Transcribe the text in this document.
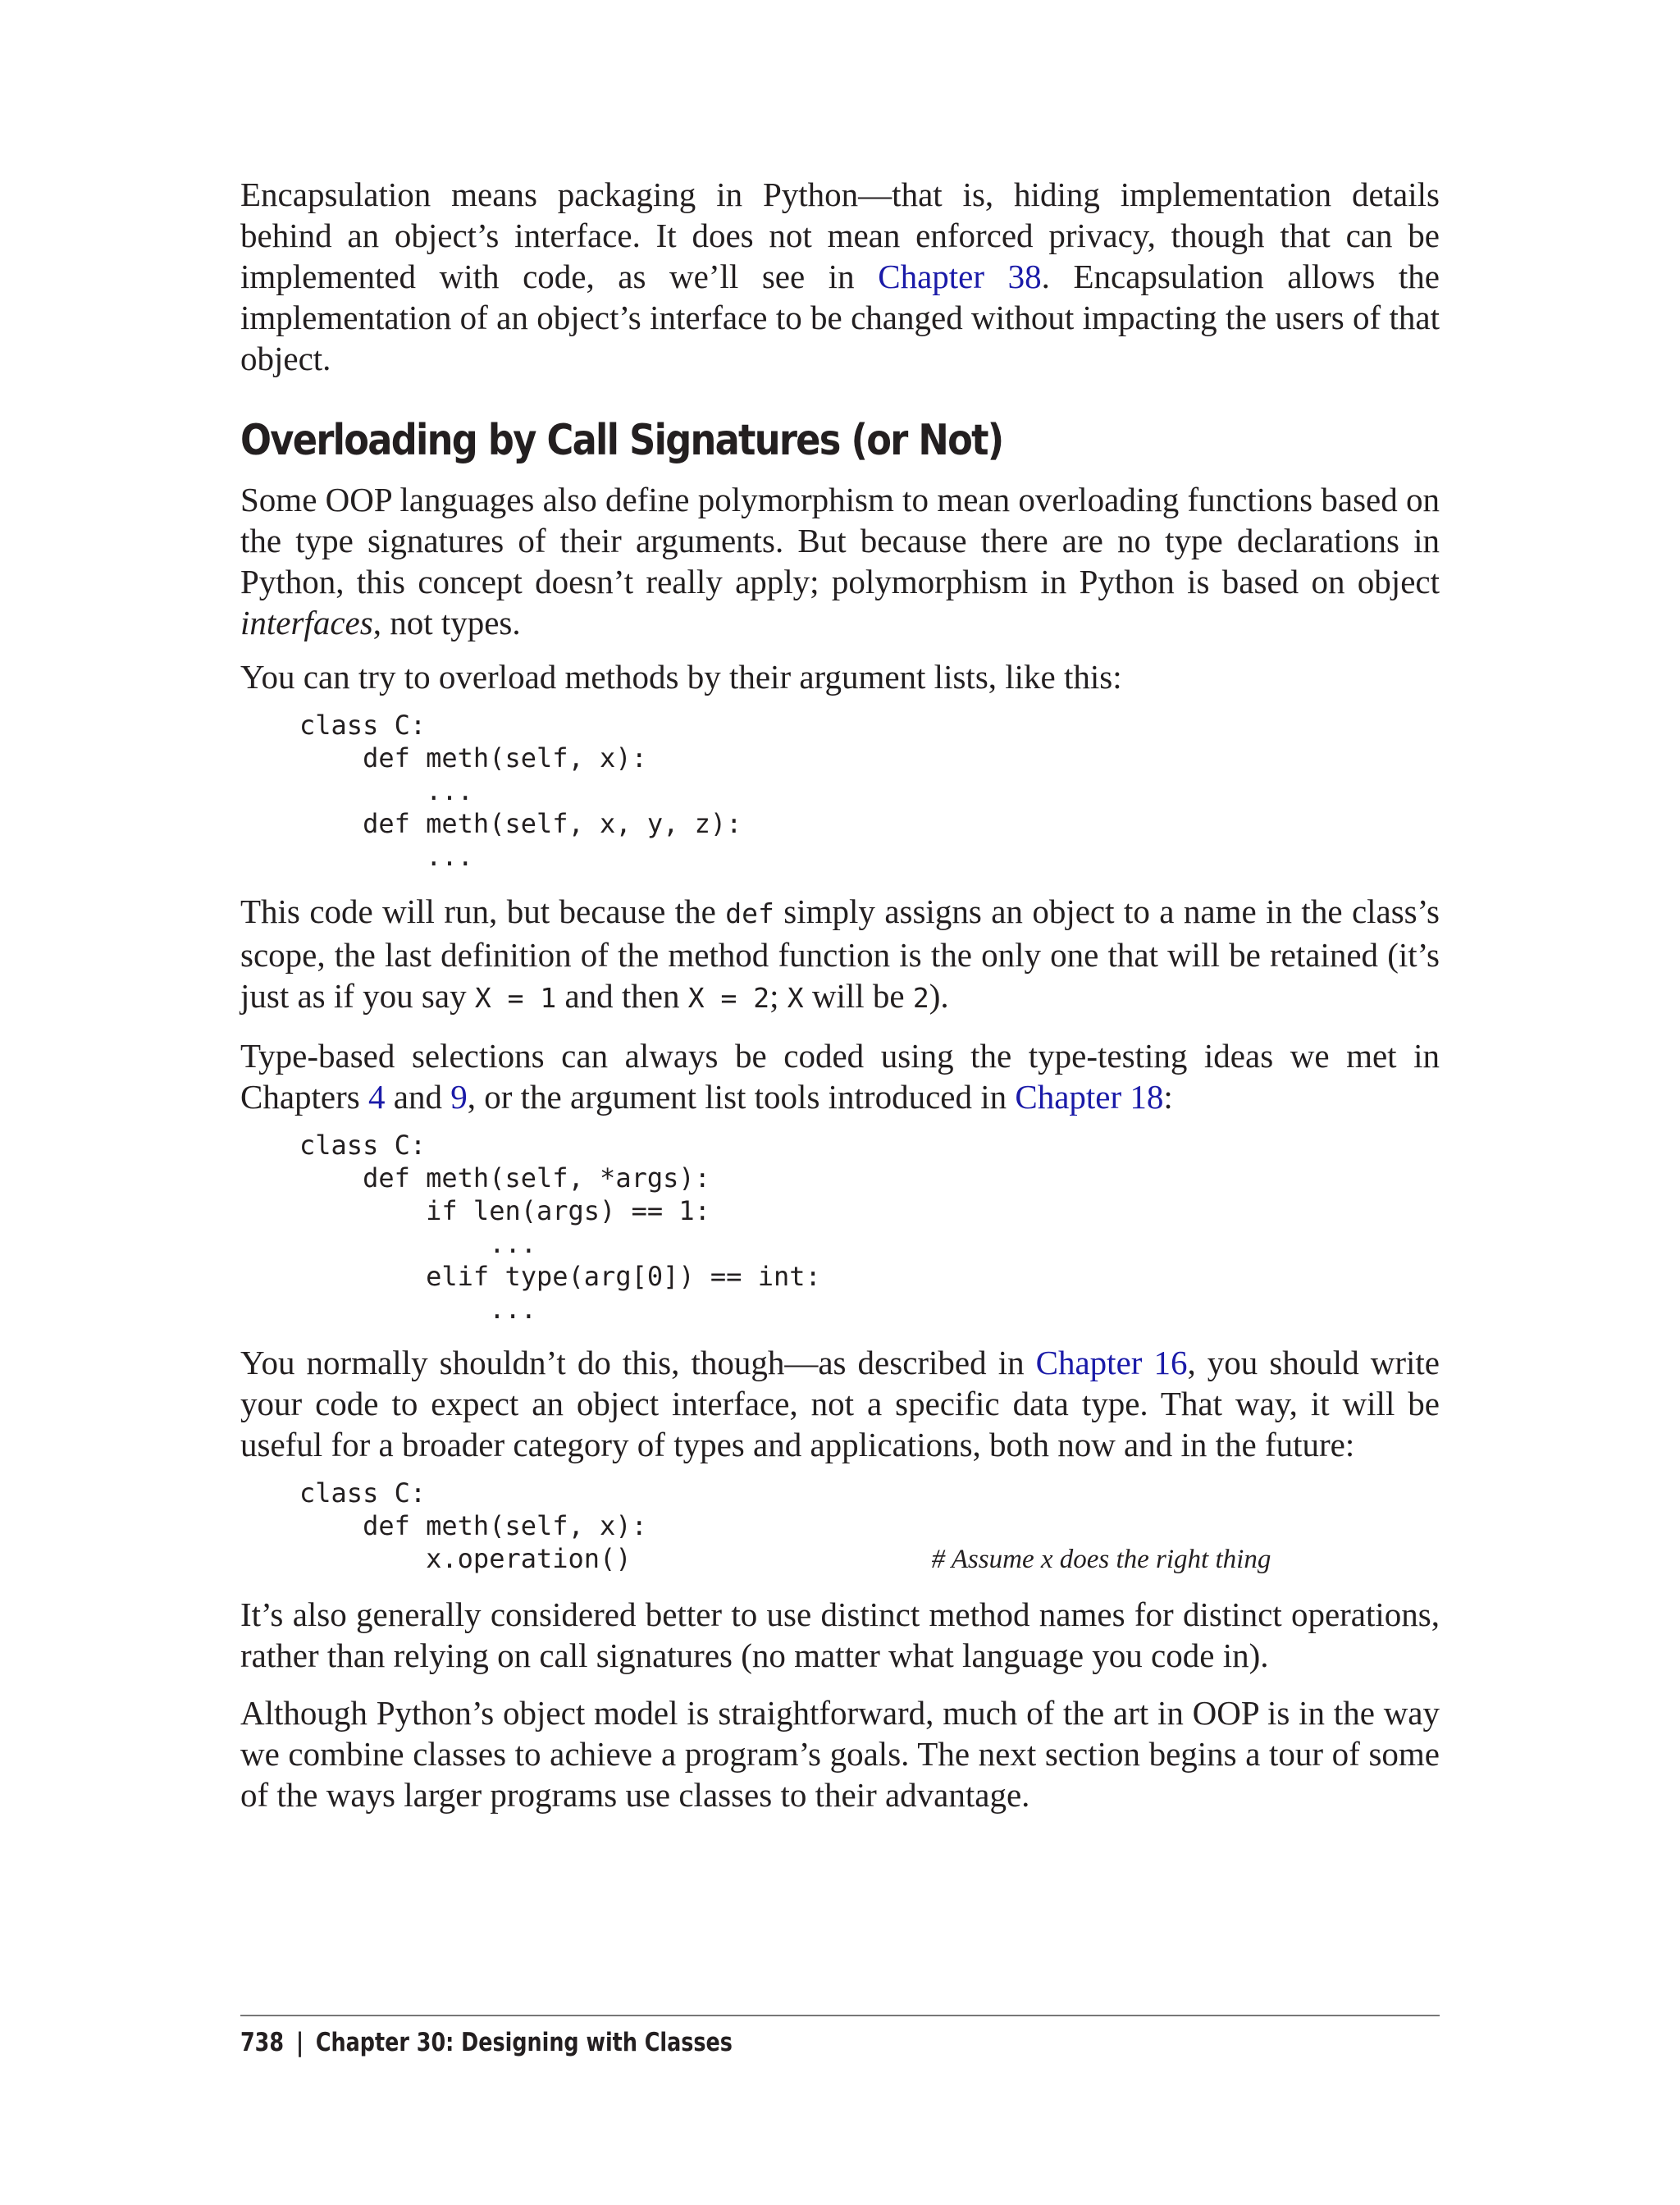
Encapsulation means packaging in Python—that is, hiding implementation details behind an object’s interface. It does not mean enforced privacy, though that can be implemented with code, as we’ll see in Chapter 38. Encapsulation allows the implementation of an object’s interface to be changed without impacting the users of that object.

Overloading by Call Signatures (or Not)

Some OOP languages also define polymorphism to mean overloading functions based on the type signatures of their arguments. But because there are no type declarations in Python, this concept doesn’t really apply; polymorphism in Python is based on object interfaces, not types.

You can try to overload methods by their argument lists, like this:

class C:
def meth(self, x):
...
def meth(self, x, y, z):
...

This code will run, but because the def simply assigns an object to a name in the class’s scope, the last definition of the method function is the only one that will be retained (it’s just as if you say X = 1 and then X = 2; X will be 2).

Type-based selections can always be coded using the type-testing ideas we met in Chapters 4 and 9, or the argument list tools introduced in Chapter 18:

class C:
def meth(self, *args):
if len(args) == 1:
...
elif type(arg[0]) == int:
...

You normally shouldn’t do this, though—as described in Chapter 16, you should write your code to expect an object interface, not a specific data type. That way, it will be useful for a broader category of types and applications, both now and in the future:

class C:
def meth(self, x):
x.operation()	# Assume x does the right thing

It’s also generally considered better to use distinct method names for distinct operations, rather than relying on call signatures (no matter what language you code in).

Although Python’s object model is straightforward, much of the art in OOP is in the way we combine classes to achieve a program’s goals. The next section begins a tour of some of the ways larger programs use classes to their advantage.

738 | Chapter 30: Designing with Classes
